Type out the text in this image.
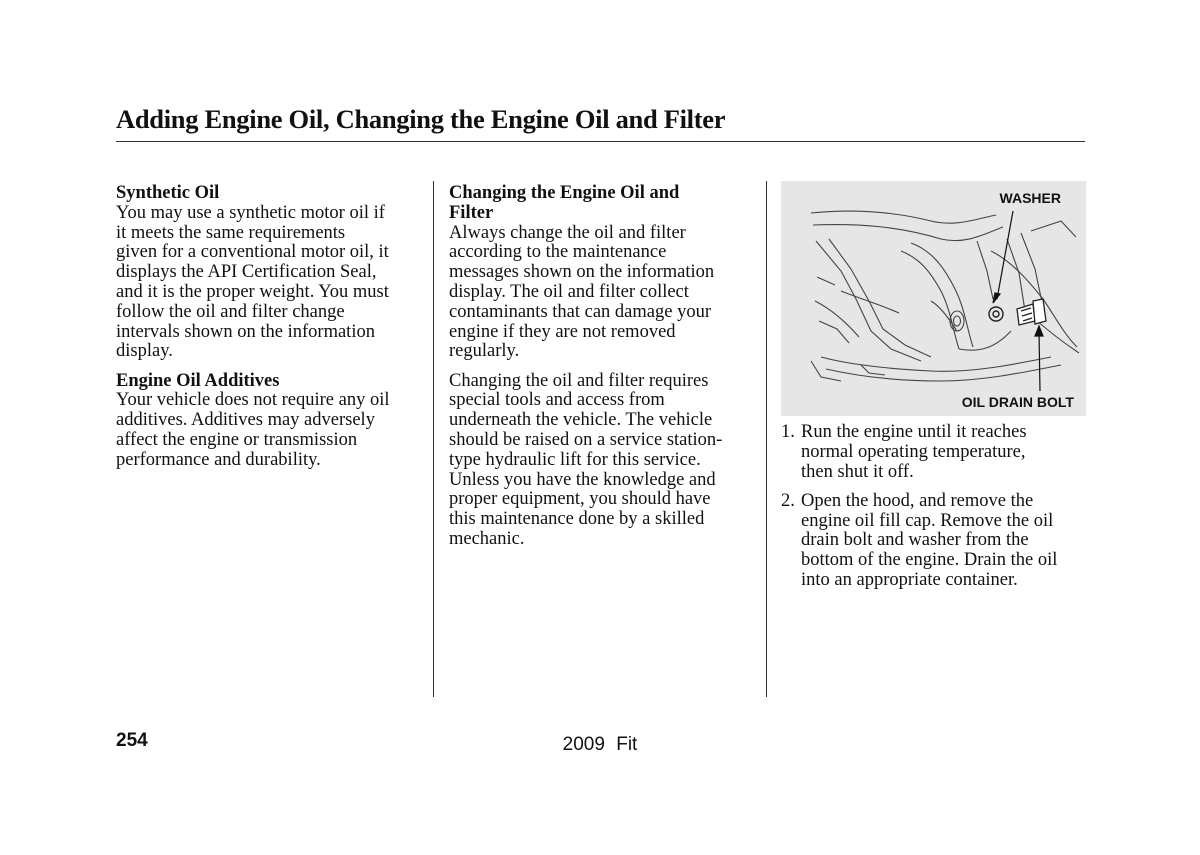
Adding Engine Oil, Changing the Engine Oil and Filter
Synthetic Oil
You may use a synthetic motor oil if
it meets the same requirements
given for a conventional motor oil, it
displays the API Certification Seal,
and it is the proper weight. You must
follow the oil and filter change
intervals shown on the information
display.
Engine Oil Additives
Your vehicle does not require any oil
additives. Additives may adversely
affect the engine or transmission
performance and durability.
Changing the Engine Oil and
Filter
Always change the oil and filter
according to the maintenance
messages shown on the information
display. The oil and filter collect
contaminants that can damage your
engine if they are not removed
regularly.
Changing the oil and filter requires
special tools and access from
underneath the vehicle. The vehicle
should be raised on a service station-
type hydraulic lift for this service.
Unless you have the knowledge and
proper equipment, you should have
this maintenance done by a skilled
mechanic.
WASHER
OIL DRAIN BOLT
1. Run the engine until it reaches
normal operating temperature,
then shut it off.
2. Open the hood, and remove the
engine oil fill cap. Remove the oil
drain bolt and washer from the
bottom of the engine. Drain the oil
into an appropriate container.
254	2009 Fit
